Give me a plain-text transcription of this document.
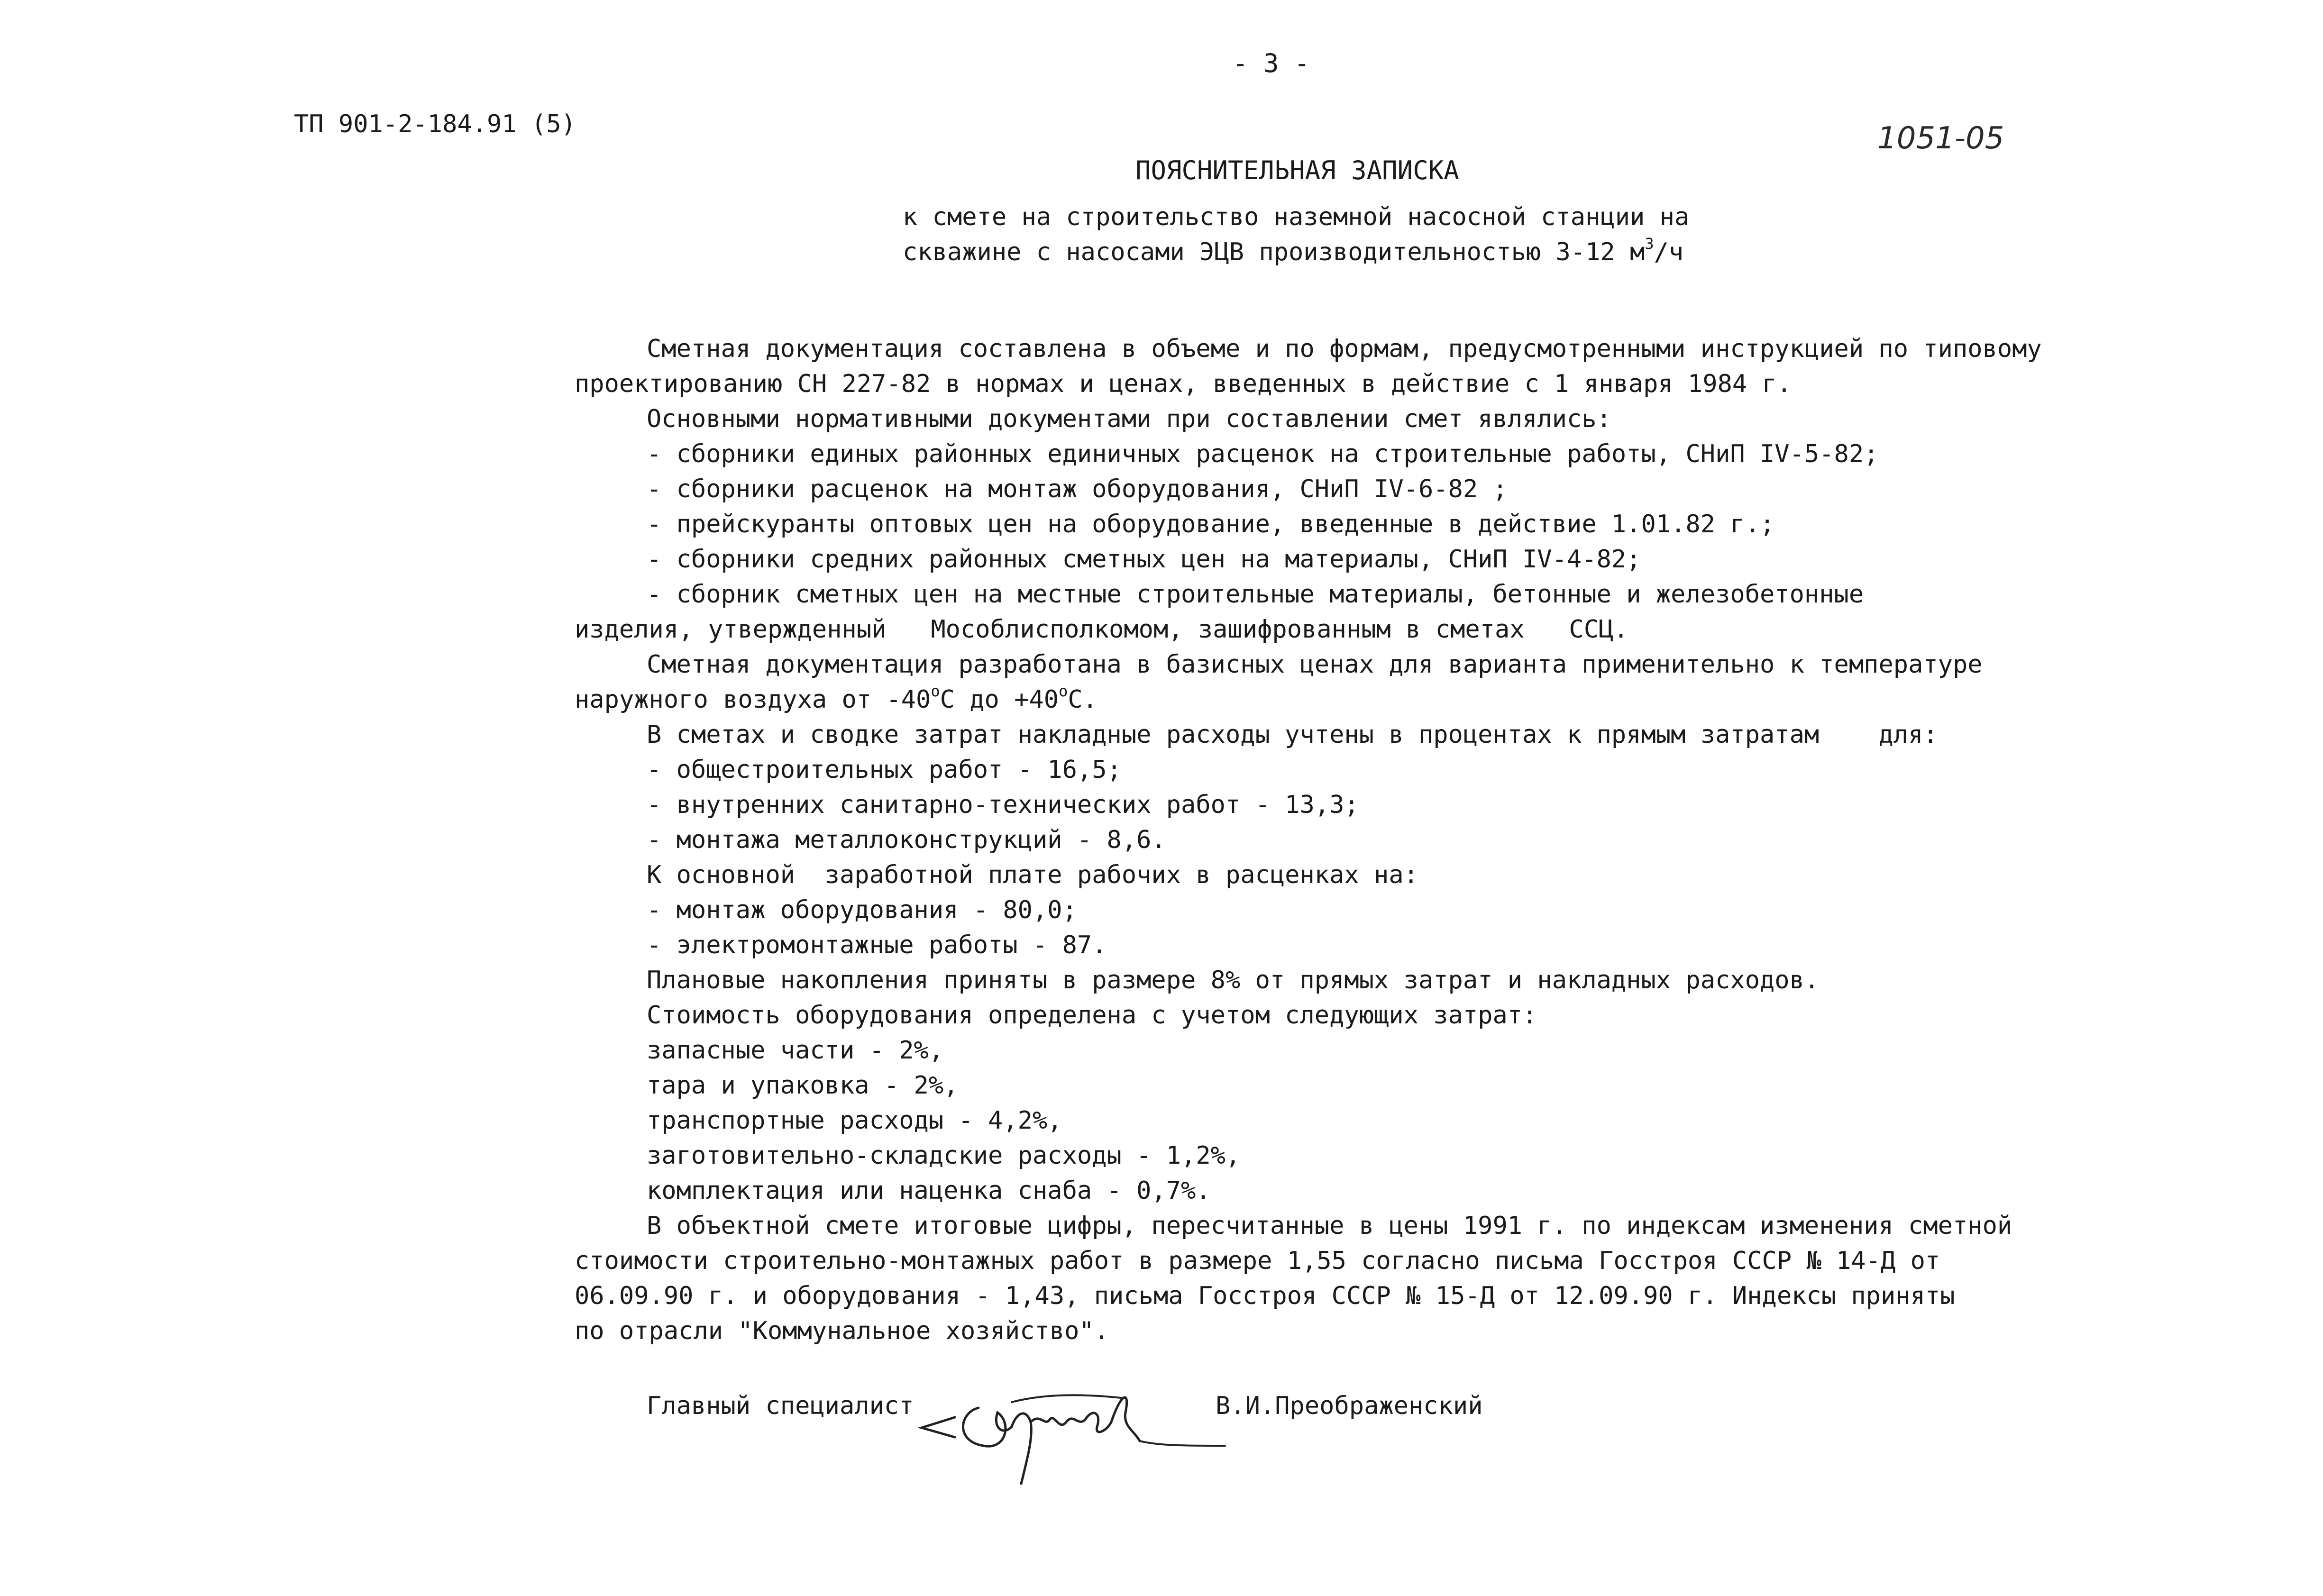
- 3 -
ТП 901-2-184.91 (5)	1051-05
ПОЯСНИТЕЛЬНАЯ ЗАПИСКА
к смете на строительство наземной насосной станции на
скважине с насосами ЭЦВ производительностью 3-12 $м^3/ч$
Сметная документация составлена в объеме и по формам, предусмотренными инструкцией по типовому
проектированию СН 227-82 в нормах и ценах, введенных в действие с 1 января 1984 г.
Основными нормативными документами при составлении смет являлись:
- сборники единых районных единичных расценок на строительные работы, СНиП IV-5-82;
- сборники расценок на монтаж оборудования, СНиП IV-6-82 ;
- прейскуранты оптовых цен на оборудование, введенные в действие 1.01.82 г.;
- сборники средних районных сметных цен на материалы, СНиП IV-4-82;
- сборник сметных цен на местные строительные материалы, бетонные и железобетонные
изделия, утвержденный   Мособлисполкомом, зашифрованным в сметах   ССЦ.
Сметная документация разработана в базисных ценах для варианта применительно к температуре
наружного воздуха от $-40^оС$ до $+40^оС$.
В сметах и сводке затрат накладные расходы учтены в процентах к прямым затратам    для:
- общестроительных работ - 16,5;
- внутренних санитарно-технических работ - 13,3;
- монтажа металлоконструкций - 8,6.
К основной  заработной плате рабочих в расценках на:
- монтаж оборудования - 80,0;
- электромонтажные работы - 87.
Плановые накопления приняты в размере 8% от прямых затрат и накладных расходов.
Стоимость оборудования определена с учетом следующих затрат:
запасные части - 2%,
тара и упаковка - 2%,
транспортные расходы - 4,2%,
заготовительно-складские расходы - 1,2%,
комплектация или наценка снаба - 0,7%.
В объектной смете итоговые цифры, пересчитанные в цены 1991 г. по индексам изменения сметной
стоимости строительно-монтажных работ в размере 1,55 согласно письма Госстроя СССР № 14-Д от
06.09.90 г. и оборудования - 1,43, письма Госстроя СССР № 15-Д от 12.09.90 г. Индексы приняты
по отрасли "Коммунальное хозяйство".
Главный специалист	В.И.Преображенский
